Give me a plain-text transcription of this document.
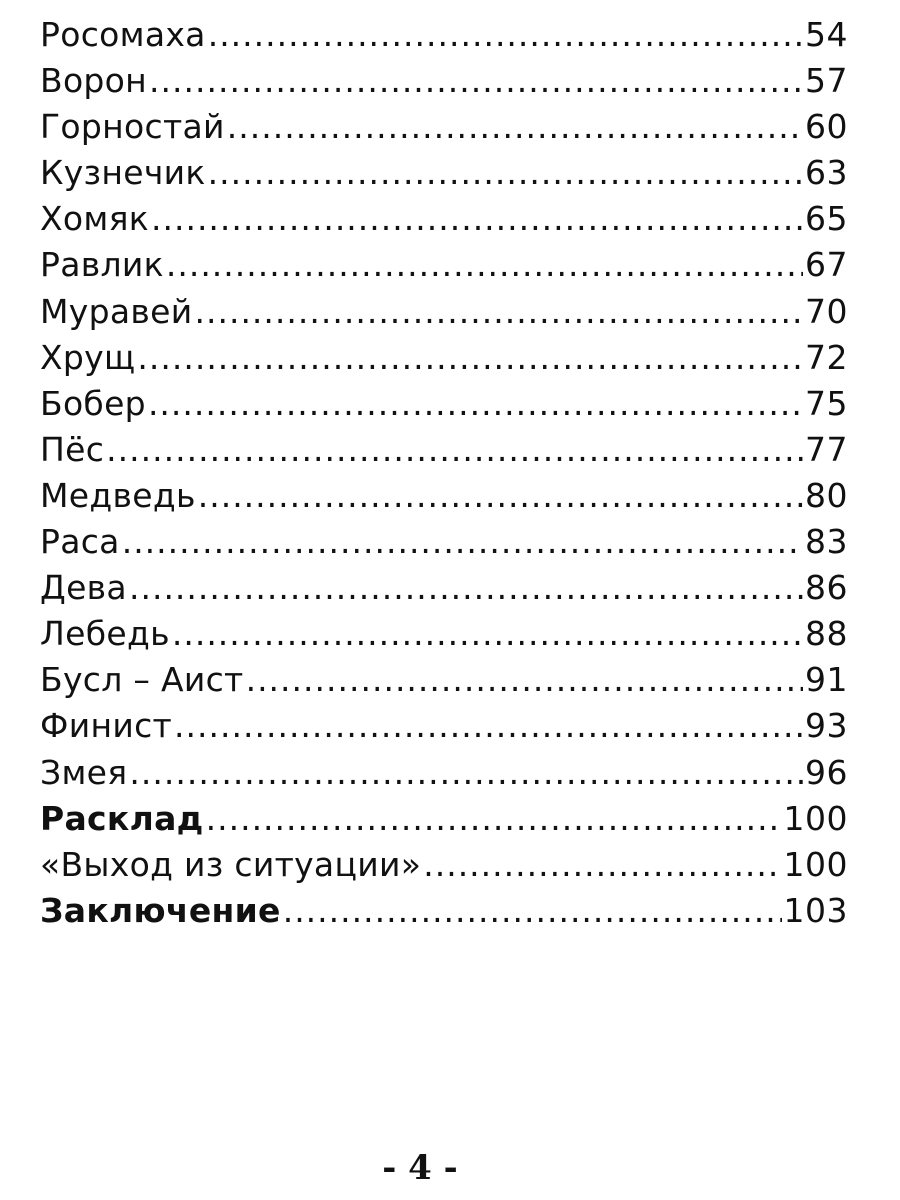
Росомаха .....	54
Ворон .....	57
Горностай .....	60
Кузнечик .....	63
Хомяк .....	65
Равлик .....	67
Муравей .....	70
Хрущ .....	72
Бобер .....	75
Пёс .....	77
Медведь .....	80
Раса .....	83
Дева .....	86
Лебедь .....	88
Бусл – Аист .....	91
Финист .....	93
Змея .....	96
Расклад .....	100
«Выход из ситуации» .....	100
Заключение .....	103
- 4 -
